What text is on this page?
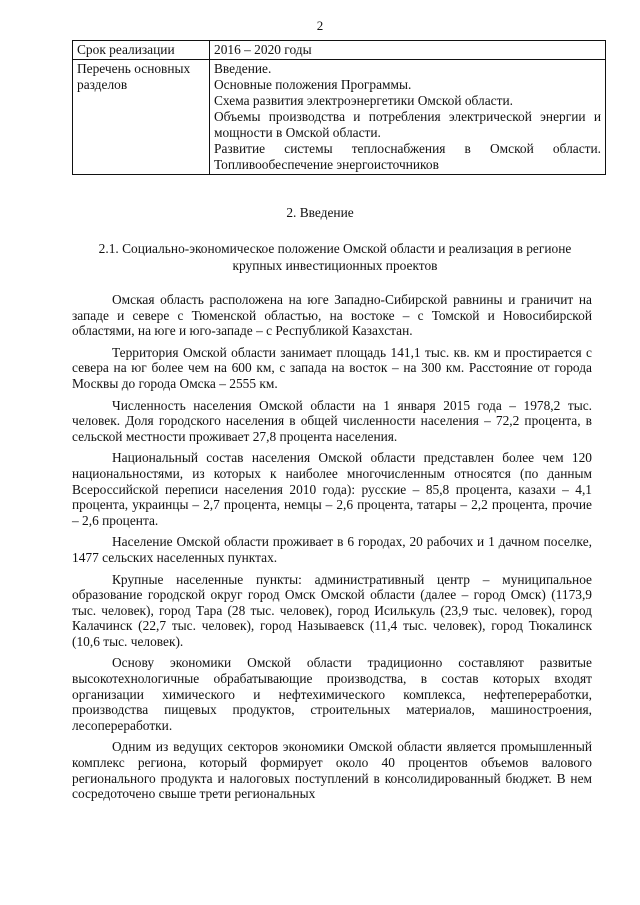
2
Срок реализации	2016 – 2020 годы

Перечень основных разделов	Введение.

Основные положения Программы.

Схема развития электроэнергетики Омской области.

Объемы производства и потребления электрической энергии и мощности в Омской области.

Развитие системы теплоснабжения в Омской области. Топливообеспечение энергоисточников

2. Введение

2.1. Социально-экономическое положение Омской области и реализация в регионе крупных инвестиционных проектов

Омская область расположена на юге Западно-Сибирской равнины и граничит на западе и севере с Тюменской областью, на востоке – с Томской и Новосибирской областями, на юге и юго-западе – с Республикой Казахстан.

Территория Омской области занимает площадь 141,1 тыс. кв. км и простирается с севера на юг более чем на 600 км, с запада на восток – на 300 км. Расстояние от города Москвы до города Омска – 2555 км.

Численность населения Омской области на 1 января 2015 года – 1978,2 тыс. человек. Доля городского населения в общей численности населения – 72,2 процента, в сельской местности проживает 27,8 процента населения.

Национальный состав населения Омской области представлен более чем 120 национальностями, из которых к наиболее многочисленным относятся (по данным Всероссийской переписи населения 2010 года): русские – 85,8 процента, казахи – 4,1 процента, украинцы – 2,7 процента, немцы – 2,6 процента, татары – 2,2 процента, прочие – 2,6 процента.

Население Омской области проживает в 6 городах, 20 рабочих и 1 дачном поселке, 1477 сельских населенных пунктах.

Крупные населенные пункты: административный центр – муниципальное образование городской округ город Омск Омской области (далее – город Омск) (1173,9 тыс. человек), город Тара (28 тыс. человек), город Исилькуль (23,9 тыс. человек), город Калачинск (22,7 тыс. человек), город Называевск (11,4 тыс. человек), город Тюкалинск (10,6 тыс. человек).

Основу экономики Омской области традиционно составляют развитые высокотехнологичные обрабатывающие производства, в состав которых входят организации химического и нефтехимического комплекса, нефтепереработки, производства пищевых продуктов, строительных материалов, машиностроения, лесопереработки.

Одним из ведущих секторов экономики Омской области является промышленный комплекс региона, который формирует около 40 процентов объемов валового регионального продукта и налоговых поступлений в консолидированный бюджет. В нем сосредоточено свыше трети региональных
